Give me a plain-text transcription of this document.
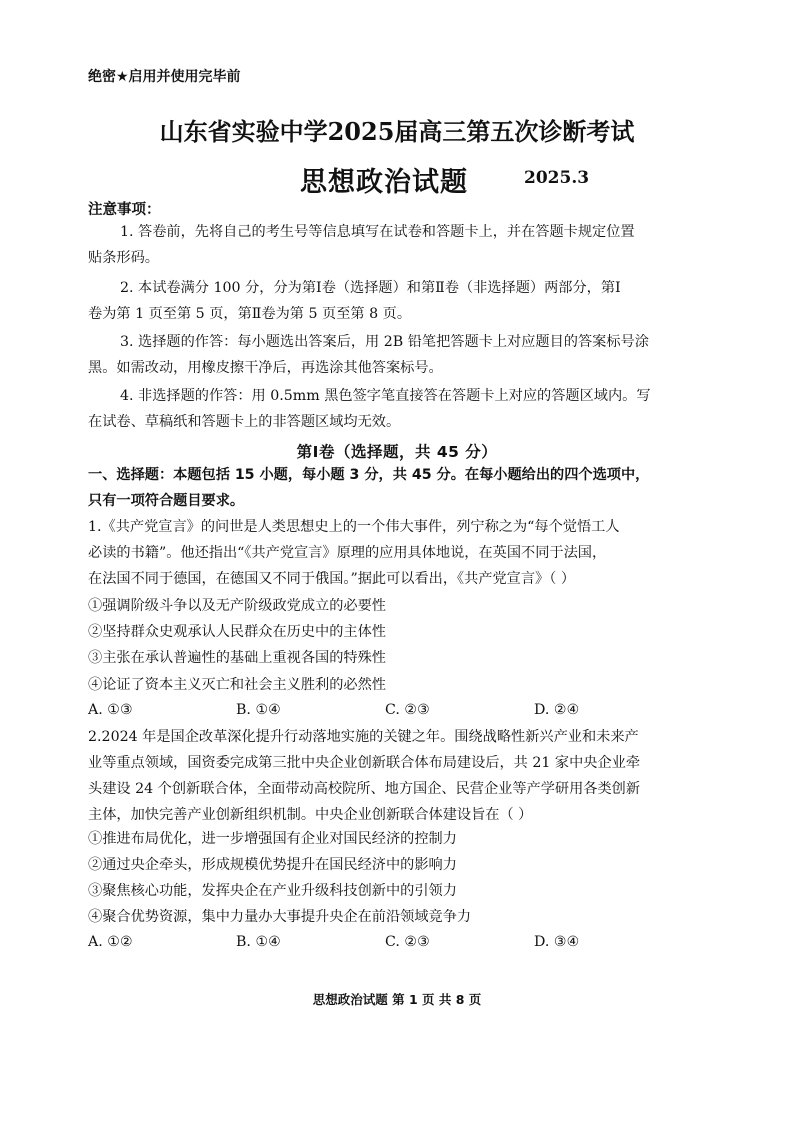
绝密★启用并使用完毕前
山东省实验中学2025届高三第五次诊断考试
思想政治试题	2025.3
注意事项：
1. 答卷前，先将自己的考生号等信息填写在试卷和答题卡上，并在答题卡规定位置
贴条形码。
2. 本试卷满分 100 分，分为第Ⅰ卷（选择题）和第Ⅱ卷（非选择题）两部分，第Ⅰ
卷为第 1 页至第 5 页，第Ⅱ卷为第 5 页至第 8 页。
3. 选择题的作答：每小题选出答案后，用 2B 铅笔把答题卡上对应题目的答案标号涂
黑。如需改动，用橡皮擦干净后，再选涂其他答案标号。
4. 非选择题的作答：用 0.5mm 黑色签字笔直接答在答题卡上对应的答题区域内。写
在试卷、草稿纸和答题卡上的非答题区域均无效。
第Ⅰ卷（选择题，共 45 分）
一、选择题：本题包括 15 小题，每小题 3 分，共 45 分。在每小题给出的四个选项中，
只有一项符合题目要求。
1.《共产党宣言》的问世是人类思想史上的一个伟大事件，列宁称之为“每个觉悟工人
必读的书籍”。他还指出“《共产党宣言》原理的应用具体地说，在英国不同于法国，
在法国不同于德国，在德国又不同于俄国。”据此可以看出，《共产党宣言》（ ）
①强调阶级斗争以及无产阶级政党成立的必要性
②坚持群众史观承认人民群众在历史中的主体性
③主张在承认普遍性的基础上重视各国的特殊性
④论证了资本主义灭亡和社会主义胜利的必然性
A. ①③	B. ①④	C. ②③	D. ②④
2.2024 年是国企改革深化提升行动落地实施的关键之年。围绕战略性新兴产业和未来产
业等重点领域，国资委完成第三批中央企业创新联合体布局建设后，共 21 家中央企业牵
头建设 24 个创新联合体，全面带动高校院所、地方国企、民营企业等产学研用各类创新
主体，加快完善产业创新组织机制。中央企业创新联合体建设旨在（ ）
①推进布局优化，进一步增强国有企业对国民经济的控制力
②通过央企牵头，形成规模优势提升在国民经济中的影响力
③聚焦核心功能，发挥央企在产业升级科技创新中的引领力
④聚合优势资源，集中力量办大事提升央企在前沿领域竞争力
A. ①②	B. ①④	C. ②③	D. ③④
思想政治试题 第 1 页 共 8 页
